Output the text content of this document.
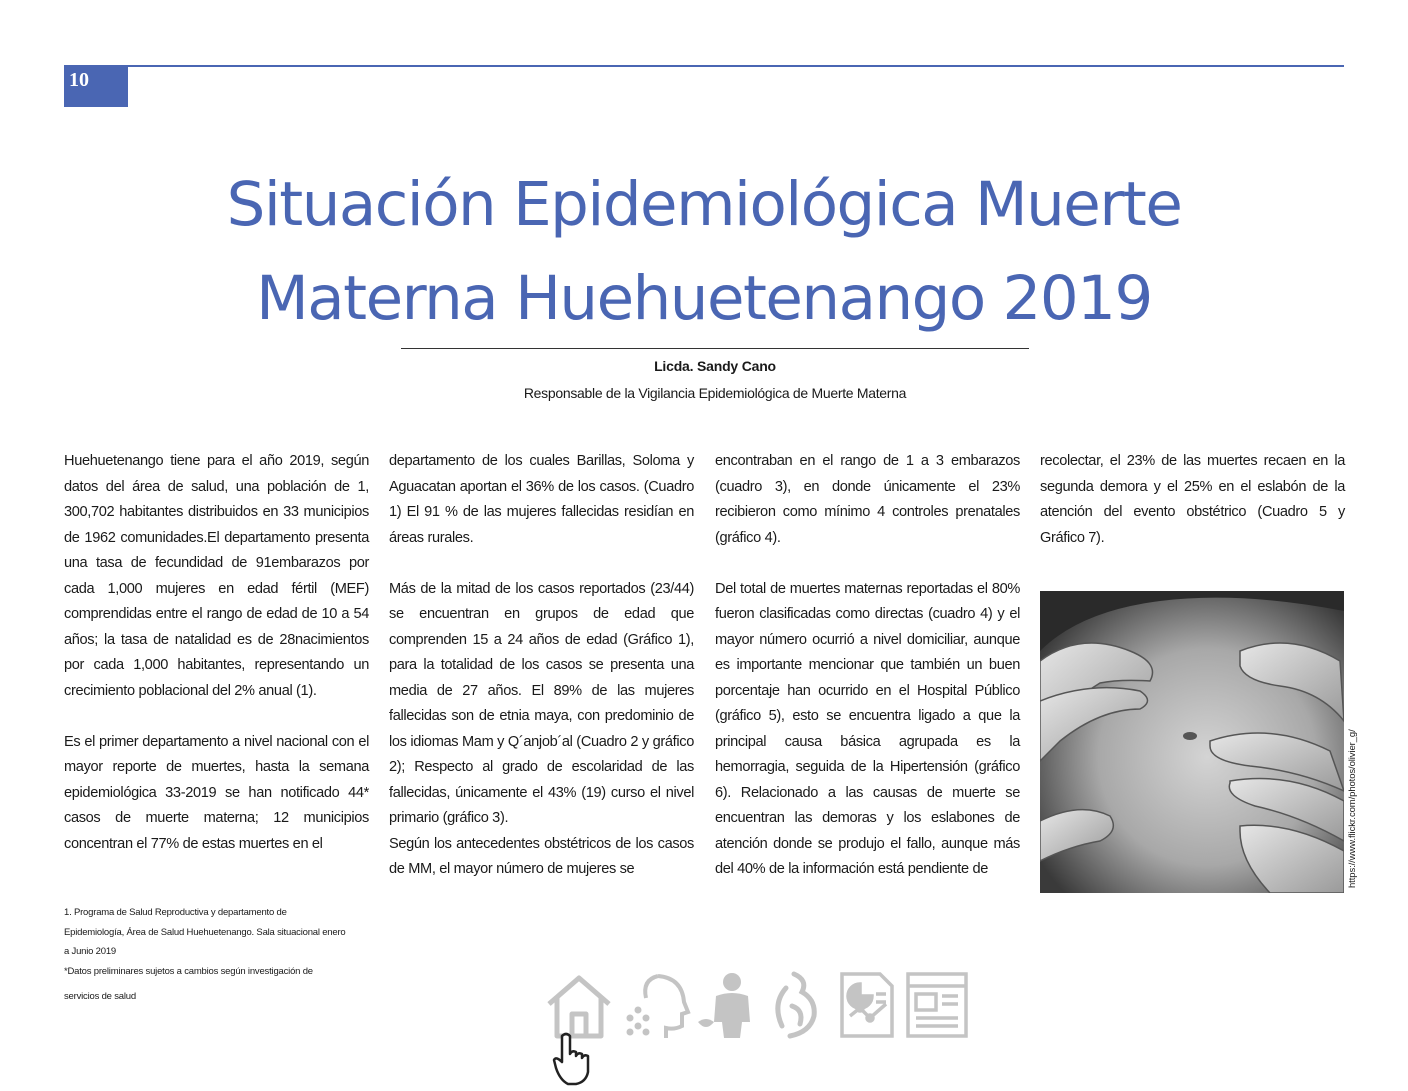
10
Situación Epidemiológica Muerte
Materna Huehuetenango 2019
Licda. Sandy Cano
Responsable de la Vigilancia Epidemiológica de Muerte Materna

Huehuetenango tiene para el año 2019, según datos del área de salud, una población de 1, 300,702 habitantes distribuidos en 33 municipios de 1962 comunidades.El departamento presenta una tasa de fecundidad de 91embarazos por cada 1,000 mujeres en edad fértil (MEF) comprendidas entre el rango de edad de 10 a 54 años; la tasa de natalidad es de 28nacimientos por cada 1,000 habitantes, representando un crecimiento poblacional del 2% anual (1).

Es el primer departamento a nivel nacional con el mayor reporte de muertes, hasta la semana epidemiológica 33-2019 se han notificado 44* casos de muerte materna; 12 municipios concentran el 77% de estas muertes en el

departamento de los cuales Barillas, Soloma y Aguacatan aportan el 36% de los casos. (Cuadro 1) El 91 % de las mujeres fallecidas residían en áreas rurales.

Más de la mitad de los casos reportados (23/44) se encuentran en grupos de edad que comprenden 15 a 24 años de edad (Gráfico 1), para la totalidad de los casos se presenta una media de 27 años. El 89% de las mujeres fallecidas son de etnia maya, con predominio de los idiomas Mam y Q´anjob´al (Cuadro 2 y gráfico 2); Respecto al grado de escolaridad de las fallecidas, únicamente el 43% (19) curso el nivel primario (gráfico 3).

Según los antecedentes obstétricos de los casos de MM, el mayor número de mujeres se

encontraban en el rango de 1 a 3 embarazos (cuadro 3), en donde únicamente el 23% recibieron como mínimo 4 controles prenatales (gráfico 4).

Del total de muertes maternas reportadas el 80% fueron clasificadas como directas (cuadro 4) y el mayor número ocurrió a nivel domiciliar, aunque es importante mencionar que también un buen porcentaje han ocurrido en el Hospital Público (gráfico 5), esto se encuentra ligado a que la principal causa básica agrupada es la hemorragia, seguida de la Hipertensión (gráfico 6). Relacionado a las causas de muerte se encuentran las demoras y los eslabones de atención donde se produjo el fallo, aunque más del 40% de la información está pendiente de

recolectar, el 23% de las muertes recaen en la segunda demora y el 25% en el eslabón de la atención del evento obstétrico (Cuadro 5 y Gráfico 7).

https://www.flickr.com/photos/olivier_g/
1. Programa de Salud Reproductiva y departamento de
Epidemiología, Área de Salud Huehuetenango. Sala situacional enero
a Junio 2019
*Datos preliminares sujetos a cambios según investigación de
servicios de salud
